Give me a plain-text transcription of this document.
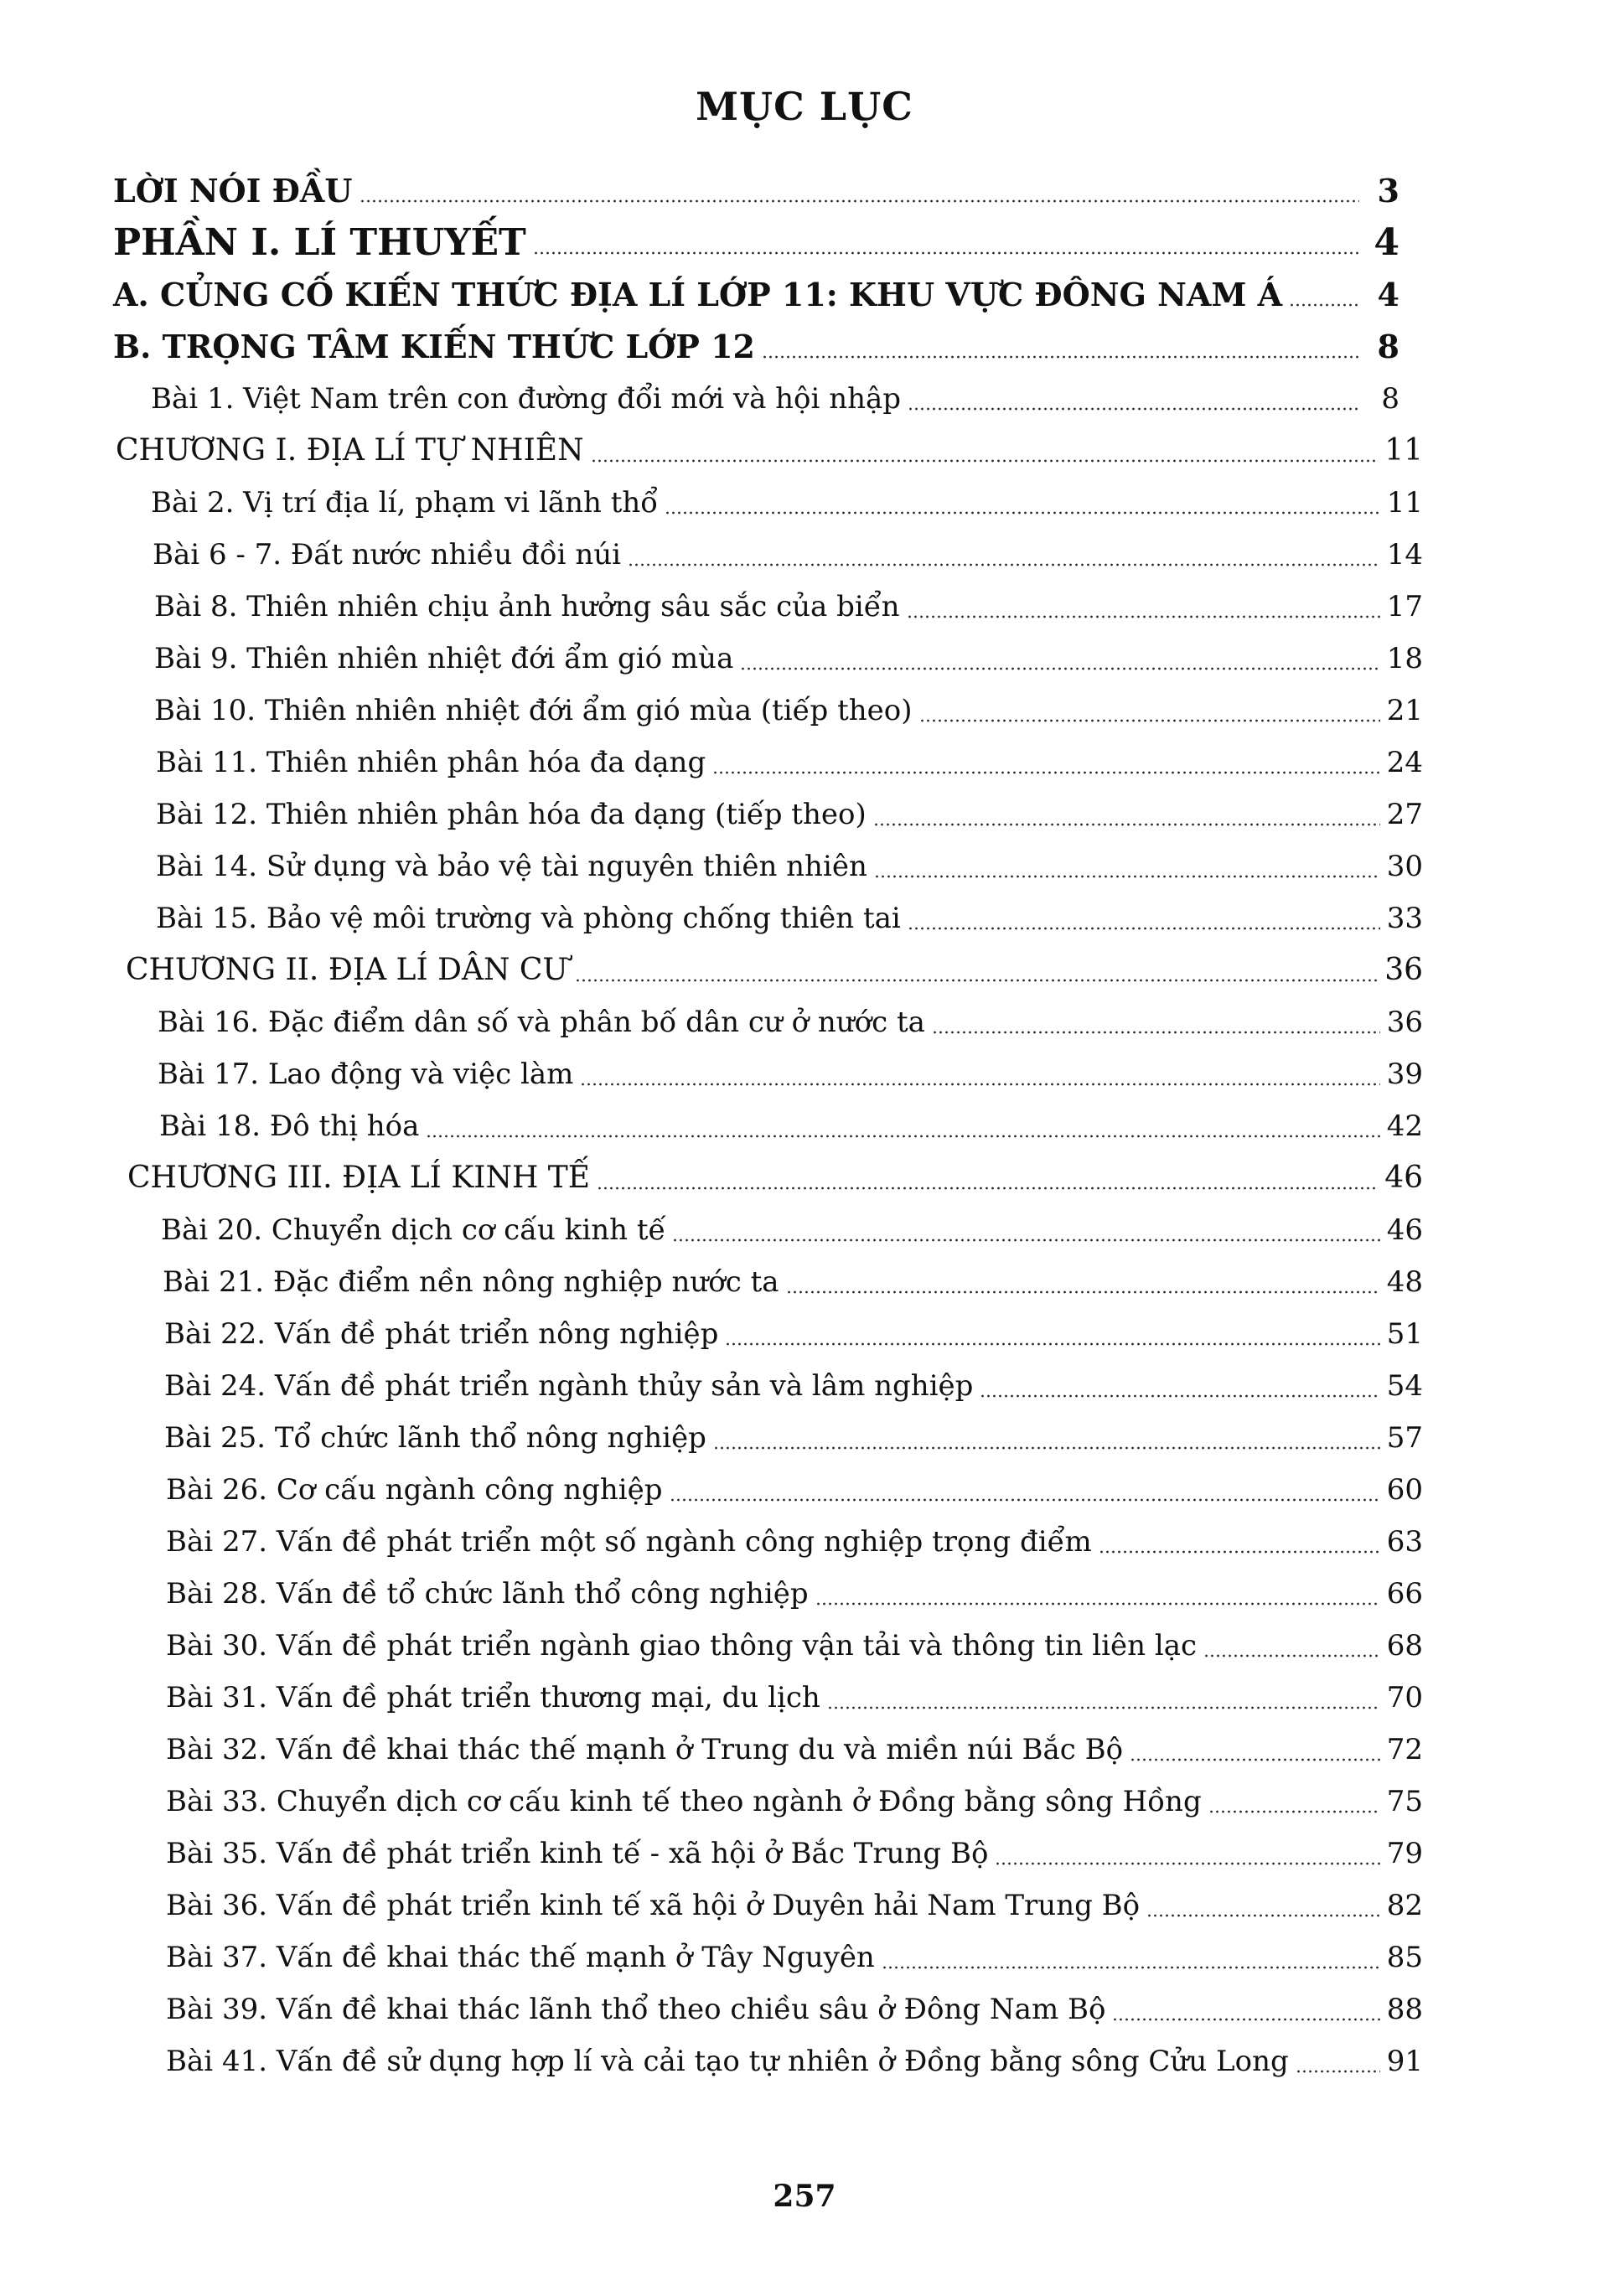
MỤC LỤC
LỜI NÓI ĐẦU	3
PHẦN I. LÍ THUYẾT	4
A. CỦNG CỐ KIẾN THỨC ĐỊA LÍ LỚP 11: KHU VỰC ĐÔNG NAM Á	4
B. TRỌNG TÂM KIẾN THỨC LỚP 12	8
Bài 1. Việt Nam trên con đường đổi mới và hội nhập	8
CHƯƠNG I. ĐỊA LÍ TỰ NHIÊN	11
Bài 2. Vị trí địa lí, phạm vi lãnh thổ	11
Bài 6 - 7. Đất nước nhiều đồi núi	14
Bài 8. Thiên nhiên chịu ảnh hưởng sâu sắc của biển	17
Bài 9. Thiên nhiên nhiệt đới ẩm gió mùa	18
Bài 10. Thiên nhiên nhiệt đới ẩm gió mùa (tiếp theo)	21
Bài 11. Thiên nhiên phân hóa đa dạng	24
Bài 12. Thiên nhiên phân hóa đa dạng (tiếp theo)	27
Bài 14. Sử dụng và bảo vệ tài nguyên thiên nhiên	30
Bài 15. Bảo vệ môi trường và phòng chống thiên tai	33
CHƯƠNG II. ĐỊA LÍ DÂN CƯ	36
Bài 16. Đặc điểm dân số và phân bố dân cư ở nước ta	36
Bài 17. Lao động và việc làm	39
Bài 18. Đô thị hóa	42
CHƯƠNG III. ĐỊA LÍ KINH TẾ	46
Bài 20. Chuyển dịch cơ cấu kinh tế	46
Bài 21. Đặc điểm nền nông nghiệp nước ta	48
Bài 22. Vấn đề phát triển nông nghiệp	51
Bài 24. Vấn đề phát triển ngành thủy sản và lâm nghiệp	54
Bài 25. Tổ chức lãnh thổ nông nghiệp	57
Bài 26. Cơ cấu ngành công nghiệp	60
Bài 27. Vấn đề phát triển một số ngành công nghiệp trọng điểm	63
Bài 28. Vấn đề tổ chức lãnh thổ công nghiệp	66
Bài 30. Vấn đề phát triển ngành giao thông vận tải và thông tin liên lạc	68
Bài 31. Vấn đề phát triển thương mại, du lịch	70
Bài 32. Vấn đề khai thác thế mạnh ở Trung du và miền núi Bắc Bộ	72
Bài 33. Chuyển dịch cơ cấu kinh tế theo ngành ở Đồng bằng sông Hồng	75
Bài 35. Vấn đề phát triển kinh tế - xã hội ở Bắc Trung Bộ	79
Bài 36. Vấn đề phát triển kinh tế xã hội ở Duyên hải Nam Trung Bộ	82
Bài 37. Vấn đề khai thác thế mạnh ở Tây Nguyên	85
Bài 39. Vấn đề khai thác lãnh thổ theo chiều sâu ở Đông Nam Bộ	88
Bài 41. Vấn đề sử dụng hợp lí và cải tạo tự nhiên ở Đồng bằng sông Cửu Long	91
257
